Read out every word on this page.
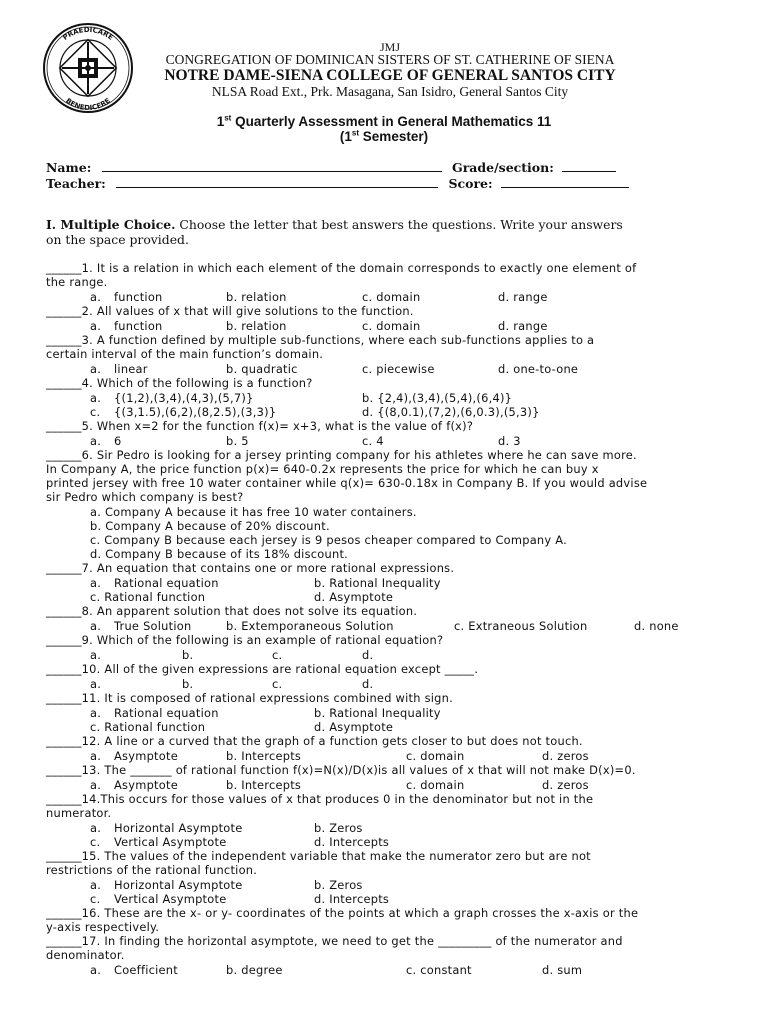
PRAEDICARE
BENEDICERE
JMJ
CONGREGATION OF DOMINICAN SISTERS OF ST. CATHERINE OF SIENA
NOTRE DAME-SIENA COLLEGE OF GENERAL SANTOS CITY
NLSA Road Ext., Prk. Masagana, San Isidro, General Santos City
1st Quarterly Assessment in General Mathematics 11
(1st Semester)
Name:	Grade/section:
Teacher:	Score:
I. Multiple Choice. Choose the letter that best answers the questions. Write your answers
on the space provided.
______1. It is a relation in which each element of the domain corresponds to exactly one element of
the range.
a. function	b. relation	c. domain	d. range
______2. All values of x that will give solutions to the function.
a. function	b. relation	c. domain	d. range
______3. A function defined by multiple sub-functions, where each sub-functions applies to a
certain interval of the main function’s domain.
a. linear	b. quadratic	c. piecewise	d. one-to-one
______4. Which of the following is a function?
a. {(1,2),(3,4),(4,3),(5,7)}	b. {2,4),(3,4),(5,4),(6,4)}
c. {(3,1.5),(6,2),(8,2.5),(3,3)}	d. {(8,0.1),(7,2),(6,0.3),(5,3)}
______5. When x=2 for the function f(x)= x+3, what is the value of f(x)?
a. 6	b. 5	c. 4	d. 3
______6. Sir Pedro is looking for a jersey printing company for his athletes where he can save more.
In Company A, the price function p(x)= 640-0.2x represents the price for which he can buy x
printed jersey with free 10 water container while q(x)= 630-0.18x in Company B. If you would advise
sir Pedro which company is best?
a. Company A because it has free 10 water containers.
b. Company A because of 20% discount.
c. Company B because each jersey is 9 pesos cheaper compared to Company A.
d. Company B because of its 18% discount.
______7. An equation that contains one or more rational expressions.
a. Rational equation	b. Rational Inequality
c. Rational function	d. Asymptote
______8. An apparent solution that does not solve its equation.
a. True Solution	b. Extemporaneous Solution	c. Extraneous Solution	d. none
______9. Which of the following is an example of rational equation?
a.	b.	c.	d.
______10. All of the given expressions are rational equation except _____.
a.	b.	c.	d.
______11. It is composed of rational expressions combined with sign.
a. Rational equation	b. Rational Inequality
c. Rational function	d. Asymptote
______12. A line or a curved that the graph of a function gets closer to but does not touch.
a. Asymptote	b. Intercepts	c. domain	d. zeros
______13. The _______ of rational function f(x)=N(x)/D(x)is all values of x that will not make D(x)=0.
a. Asymptote	b. Intercepts	c. domain	d. zeros
______14.This occurs for those values of x that produces 0 in the denominator but not in the
numerator.
a. Horizontal Asymptote	b. Zeros
c. Vertical Asymptote	d. Intercepts
______15. The values of the independent variable that make the numerator zero but are not
restrictions of the rational function.
a. Horizontal Asymptote	b. Zeros
c. Vertical Asymptote	d. Intercepts
______16. These are the x- or y- coordinates of the points at which a graph crosses the x-axis or the
y-axis respectively.
______17. In finding the horizontal asymptote, we need to get the _________ of the numerator and
denominator.
a. Coefficient	b. degree	c. constant	d. sum
